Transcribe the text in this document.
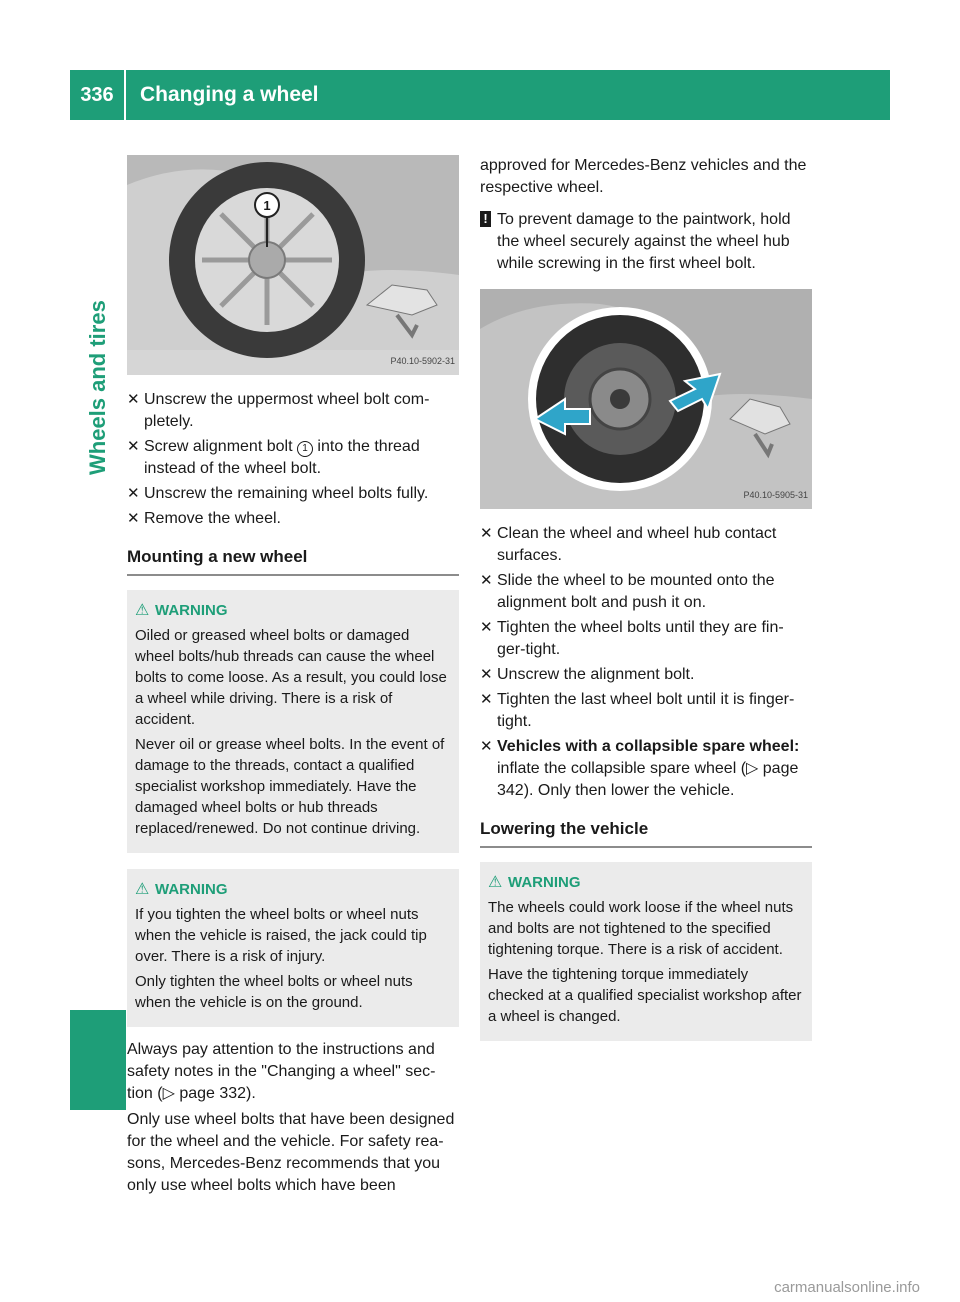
336	Changing a wheel
Wheels and tires
1
P40.10-5902-31
✕ Unscrew the uppermost wheel bolt com-pletely.
✕ Screw alignment bolt 1 into the thread instead of the wheel bolt.
✕ Unscrew the remaining wheel bolts fully.
✕ Remove the wheel.
Mounting a new wheel
⚠ WARNING

Oiled or greased wheel bolts or damaged wheel bolts/hub threads can cause the wheel bolts to come loose. As a result, you could lose a wheel while driving. There is a risk of accident.

Never oil or grease wheel bolts. In the event of damage to the threads, contact a qualified specialist workshop immediately. Have the damaged wheel bolts or hub threads replaced/renewed. Do not continue driving.

⚠ WARNING

If you tighten the wheel bolts or wheel nuts when the vehicle is raised, the jack could tip over. There is a risk of injury.

Only tighten the wheel bolts or wheel nuts when the vehicle is on the ground.

Always pay attention to the instructions and safety notes in the "Changing a wheel" sec-tion (▷ page 332).

Only use wheel bolts that have been designed for the wheel and the vehicle. For safety rea-sons, Mercedes-Benz recommends that you only use wheel bolts which have been

approved for Mercedes-Benz vehicles and the respective wheel.

! To prevent damage to the paintwork, hold the wheel securely against the wheel hub while screwing in the first wheel bolt.
P40.10-5905-31
✕ Clean the wheel and wheel hub contact surfaces.
✕ Slide the wheel to be mounted onto the alignment bolt and push it on.
✕ Tighten the wheel bolts until they are fin-ger-tight.
✕ Unscrew the alignment bolt.
✕ Tighten the last wheel bolt until it is finger-tight.
✕ Vehicles with a collapsible spare wheel: inflate the collapsible spare wheel (▷ page 342). Only then lower the vehicle.
Lowering the vehicle
⚠ WARNING

The wheels could work loose if the wheel nuts and bolts are not tightened to the specified tightening torque. There is a risk of accident.

Have the tightening torque immediately checked at a qualified specialist workshop after a wheel is changed.

carmanualsonline.info
